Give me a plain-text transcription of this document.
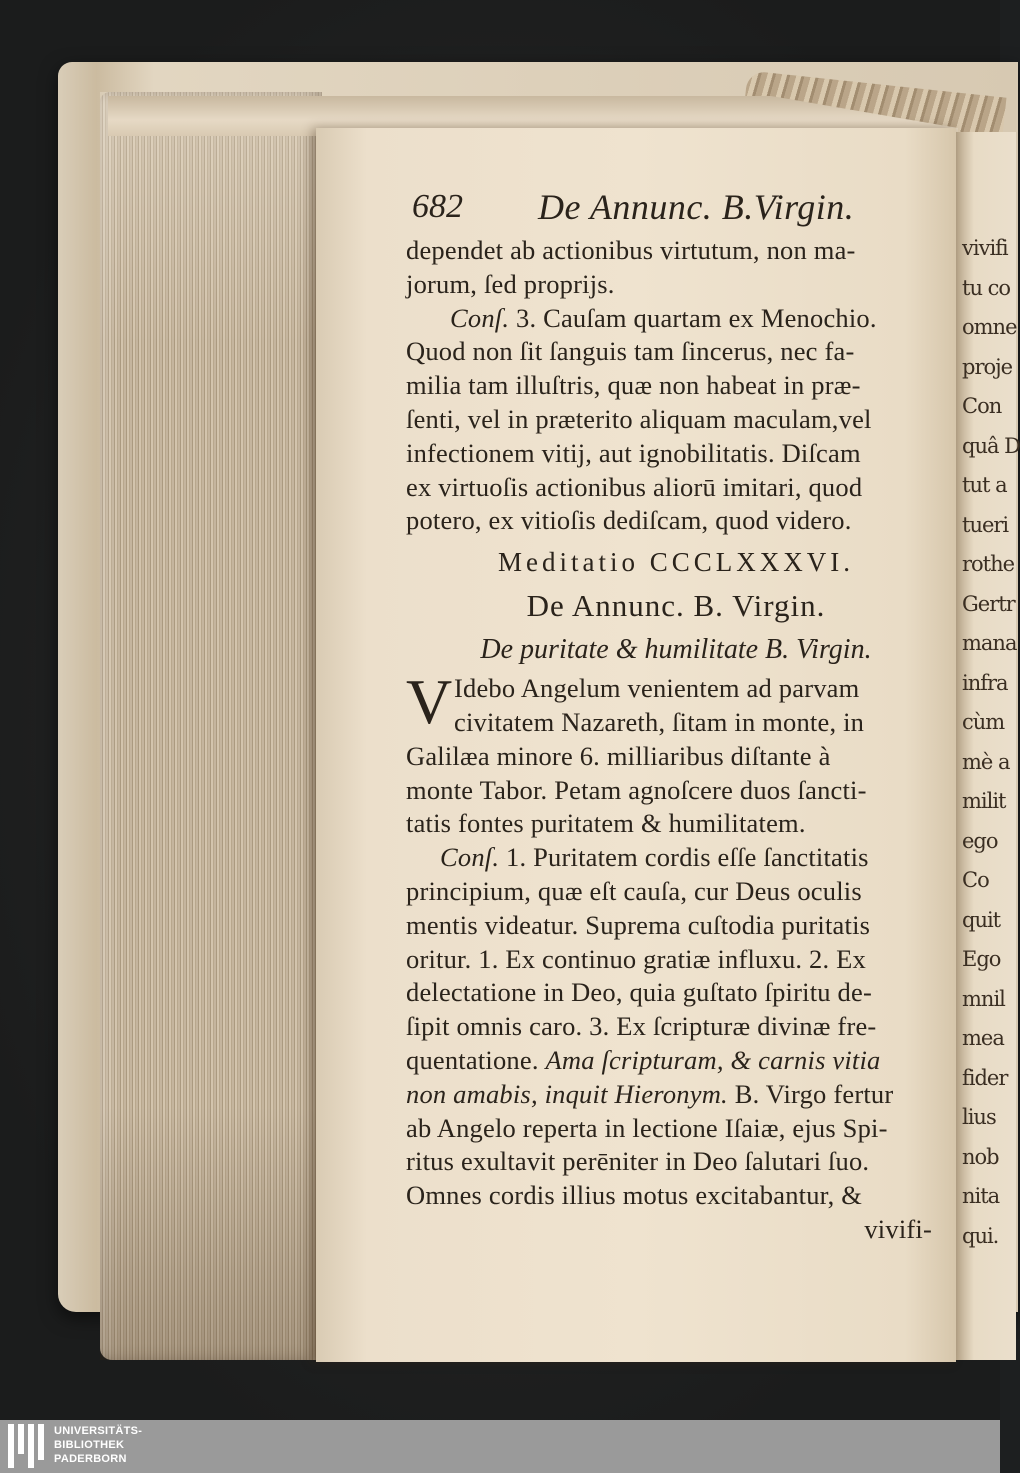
vivifi
tu co
omne
proje
Con
quâ D
tut a
tueri
rothe
Gertr
mana
infra
cùm
mè a
milit
ego
Co
quit
Ego
mnil
mea
fider
lius
nob
nita
qui.
682 De Annunc. B.Virgin.
dependet ab actionibus virtutum, non ma-
jorum, ſed proprijs.
Conſ. 3. Cauſam quartam ex Menochio.
Quod non ſit ſanguis tam ſincerus, nec fa-
milia tam illuſtris, quæ non habeat in præ-
ſenti, vel in præterito aliquam maculam,vel
infectionem vitij, aut ignobilitatis. Diſcam
ex virtuoſis actionibus aliorū imitari, quod
potero, ex vitioſis dediſcam, quod videro.
Meditatio CCCLXXXVI.
De Annunc. B. Virgin.
De puritate & humilitate B. Virgin.
V Idebo Angelum venientem ad parvam
civitatem Nazareth, ſitam in monte, in
Galilæa minore 6. milliaribus diſtante à
monte Tabor. Petam agnoſcere duos ſancti-
tatis fontes puritatem & humilitatem.
Conſ. 1. Puritatem cordis eſſe ſanctitatis
principium, quæ eſt cauſa, cur Deus oculis
mentis videatur. Suprema cuſtodia puritatis
oritur. 1. Ex continuo gratiæ influxu. 2. Ex
delectatione in Deo, quia guſtato ſpiritu de-
ſipit omnis caro. 3. Ex ſcripturæ divinæ fre-
quentatione. Ama ſcripturam, & carnis vitia
non amabis, inquit Hieronym. B. Virgo fertur
ab Angelo reperta in lectione Iſaiæ, ejus Spi-
ritus exultavit perēniter in Deo ſalutari ſuo.
Omnes cordis illius motus excitabantur, &
vivifi-
UNIVERSITÄTS-
BIBLIOTHEK
PADERBORN
